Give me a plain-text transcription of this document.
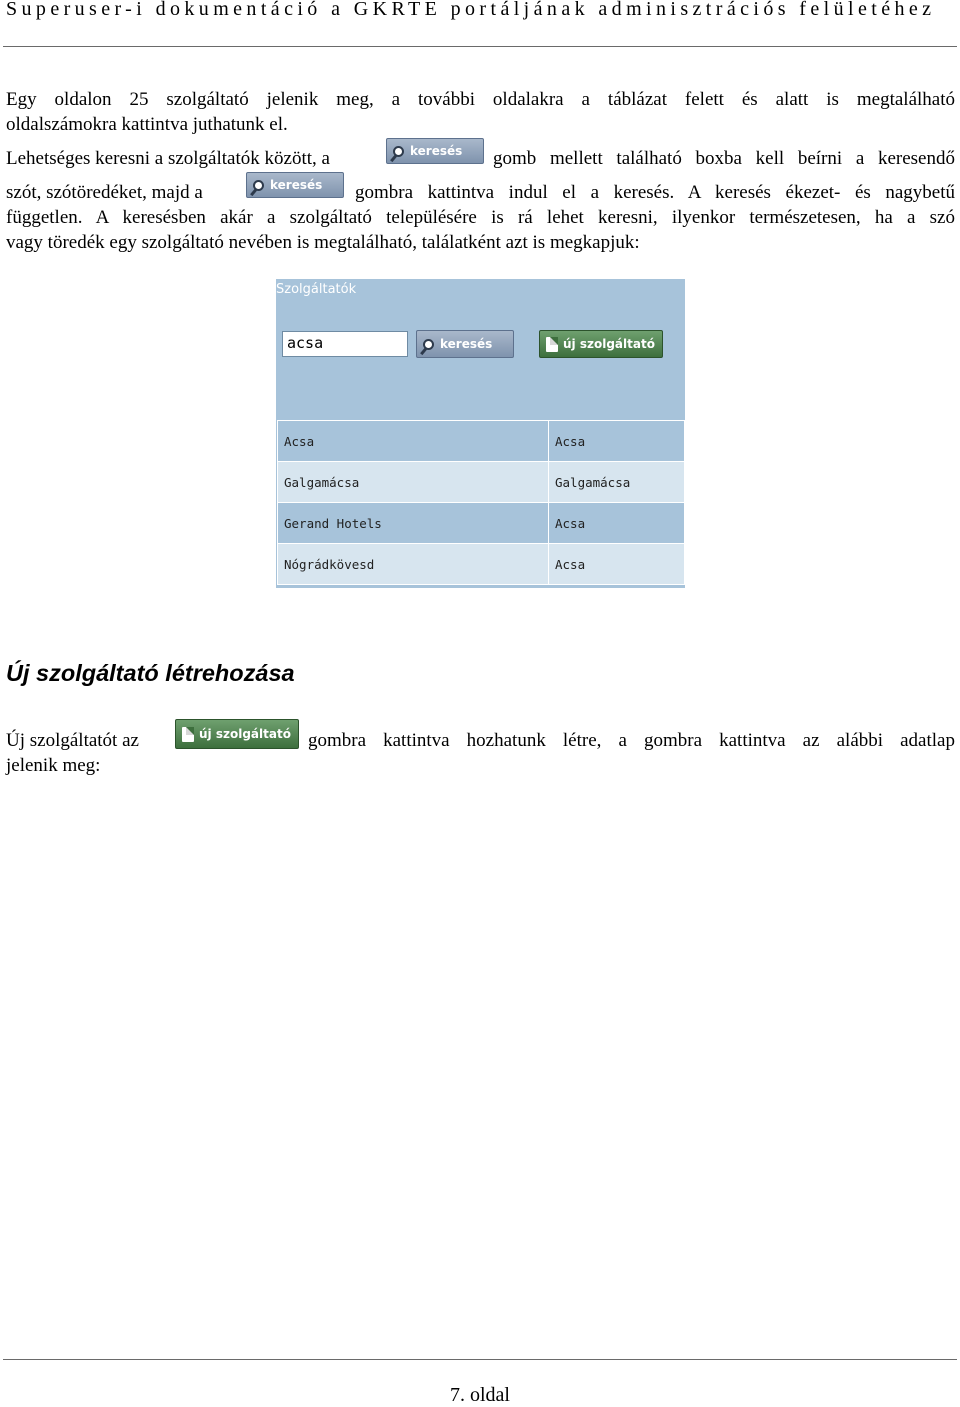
Superuser-i dokumentáció a GKRTE portáljának adminisztrációs felületéhez
Egy oldalon 25 szolgáltató jelenik meg, a további oldalakra a táblázat felett és alatt is megtalálható
oldalszámokra kattintva juthatunk el.
Lehetséges keresni a szolgáltatók között, a	keresés gomb mellett található boxba kell beírni a keresendő
szót, szótöredéket, majd a	keresés gombra kattintva indul el a keresés. A keresés ékezet- és nagybetű
független. A keresésben akár a szolgáltató településére is rá lehet keresni, ilyenkor természetesen, ha a szó
vagy töredék egy szolgáltató nevében is megtalálható, találatként azt is megkapjuk:
Szolgáltatók
acsa	keresés	új szolgáltató
Acsa	Acsa
Galgamácsa	Galgamácsa
Gerand Hotels	Acsa
Nógrádkövesd	Acsa
Új szolgáltató létrehozása
Új szolgáltatót az	új szolgáltató gombra kattintva hozhatunk létre, a gombra kattintva az alábbi adatlap
jelenik meg:
7. oldal
